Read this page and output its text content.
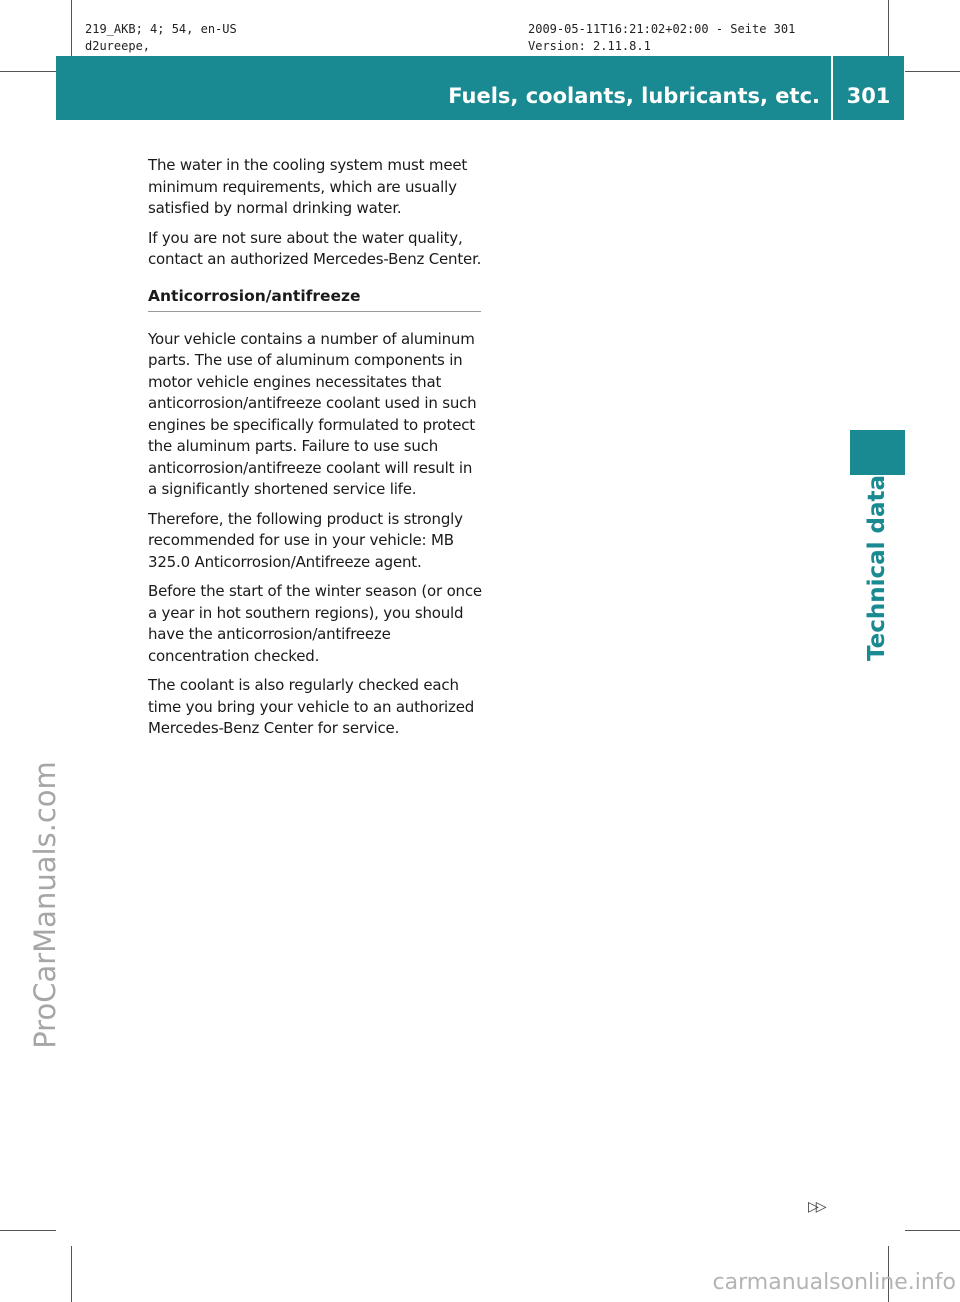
219_AKB; 4; 54, en-US
d2ureepe,
2009-05-11T16:21:02+02:00 - Seite 301
Version: 2.11.8.1
Fuels, coolants, lubricants, etc.	301
Technical data
ProCarManuals.com

The water in the cooling system must meet minimum requirements, which are usually satisfied by normal drinking water.

If you are not sure about the water quality, contact an authorized Mercedes-Benz Center.

Anticorrosion/antifreeze

Your vehicle contains a number of aluminum parts. The use of aluminum components in motor vehicle engines necessitates that anticorrosion/antifreeze coolant used in such engines be specifically formulated to protect the aluminum parts. Failure to use such anticorrosion/antifreeze coolant will result in a significantly shortened service life.

Therefore, the following product is strongly recommended for use in your vehicle: MB 325.0 Anticorrosion/Antifreeze agent.

Before the start of the winter season (or once a year in hot southern regions), you should have the anticorrosion/antifreeze concentration checked.

The coolant is also regularly checked each time you bring your vehicle to an authorized Mercedes-Benz Center for service.

▷▷
carmanualsonline.info
